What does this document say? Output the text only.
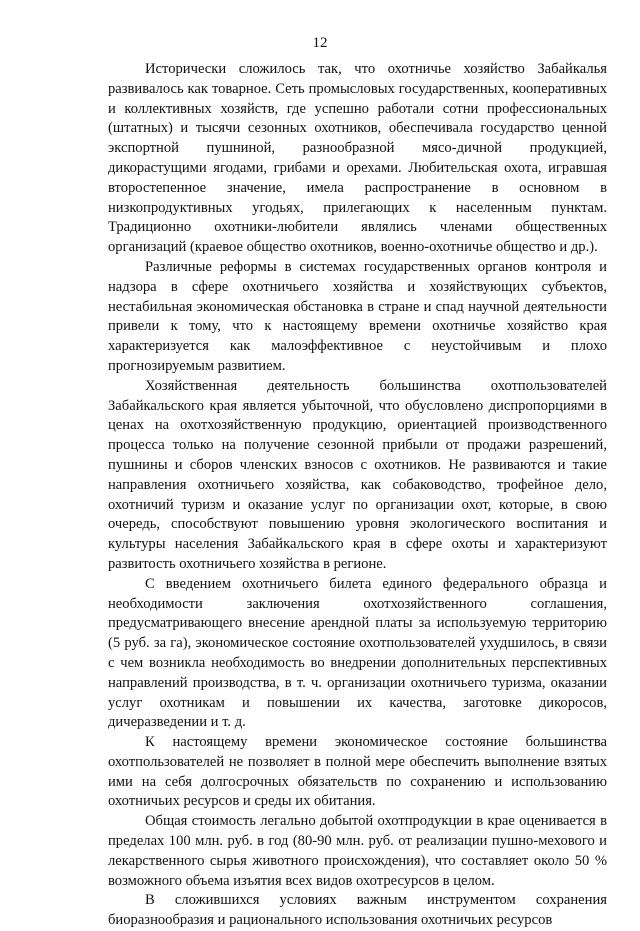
12

Исторически сложилось так, что охотничье хозяйство Забайкалья развивалось как товарное. Сеть промысловых государственных, кооперативных и коллективных хозяйств, где успешно работали сотни профессиональных (штатных) и тысячи сезонных охотников, обеспечивала государство ценной экспортной пушниной, разнообразной мясо-дичной продукцией, дикорастущими ягодами, грибами и орехами. Любительская охота, игравшая второстепенное значение, имела распространение в основном в низкопродуктивных угодьях, прилегающих к населенным пунктам. Традиционно охотники-любители являлись членами общественных организаций (краевое общество охотников, военно-охотничье общество и др.).

Различные реформы в системах государственных органов контроля и надзора в сфере охотничьего хозяйства и хозяйствующих субъектов, нестабильная экономическая обстановка в стране и спад научной деятельности привели к тому, что к настоящему времени охотничье хозяйство края характеризуется как малоэффективное с неустойчивым и плохо прогнозируемым развитием.

Хозяйственная деятельность большинства охотпользователей Забайкальского края является убыточной, что обусловлено диспропорциями в ценах на охотхозяйственную продукцию, ориентацией производственного процесса только на получение сезонной прибыли от продажи разрешений, пушнины и сборов членских взносов с охотников. Не развиваются и такие направления охотничьего хозяйства, как собаководство, трофейное дело, охотничий туризм и оказание услуг по организации охот, которые, в свою очередь, способствуют повышению уровня экологического воспитания и культуры населения Забайкальского края в сфере охоты и характеризуют развитость охотничьего хозяйства в регионе.

С введением охотничьего билета единого федерального образца и необходимости заключения охотхозяйственного соглашения, предусматривающего внесение арендной платы за используемую территорию (5 руб. за га), экономическое состояние охотпользователей ухудшилось, в связи с чем возникла необходимость во внедрении дополнительных перспективных направлений производства, в т. ч. организации охотничьего туризма, оказании услуг охотникам и повышении их качества, заготовке дикоросов, дичеразведении и т. д.

К настоящему времени экономическое состояние большинства охотпользователей не позволяет в полной мере обеспечить выполнение взятых ими на себя долгосрочных обязательств по сохранению и использованию охотничьих ресурсов и среды их обитания.

Общая стоимость легально добытой охотпродукции в крае оценивается в пределах 100 млн. руб. в год (80-90 млн. руб. от реализации пушно-мехового и лекарственного сырья животного происхождения), что составляет около 50 % возможного объема изъятия всех видов охотресурсов в целом.

В сложившихся условиях важным инструментом сохранения биоразнообразия и рационального использования охотничьих ресурсов
